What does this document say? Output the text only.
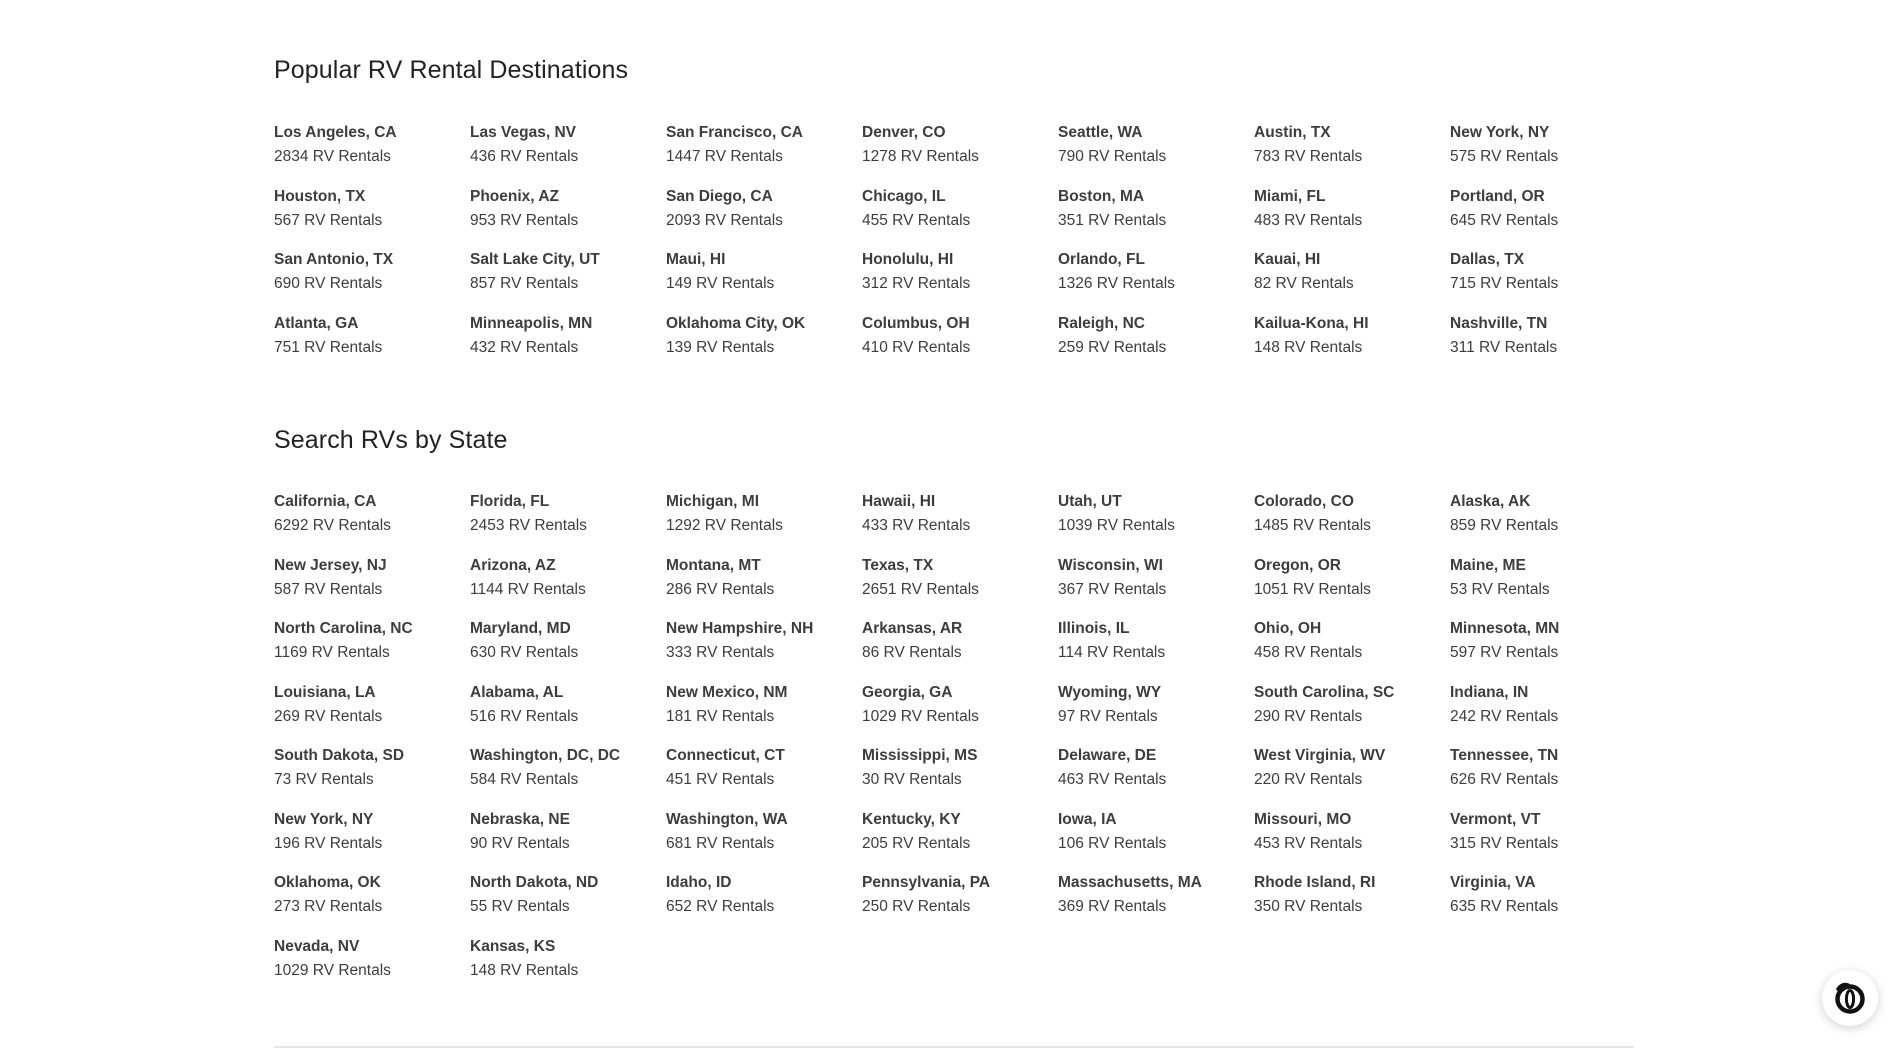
Popular RV Rental Destinations
Los Angeles, CA
2834 RV Rentals
Las Vegas, NV
436 RV Rentals
San Francisco, CA
1447 RV Rentals
Denver, CO
1278 RV Rentals
Seattle, WA
790 RV Rentals
Austin, TX
783 RV Rentals
New York, NY
575 RV Rentals
Houston, TX
567 RV Rentals
Phoenix, AZ
953 RV Rentals
San Diego, CA
2093 RV Rentals
Chicago, IL
455 RV Rentals
Boston, MA
351 RV Rentals
Miami, FL
483 RV Rentals
Portland, OR
645 RV Rentals
San Antonio, TX
690 RV Rentals
Salt Lake City, UT
857 RV Rentals
Maui, HI
149 RV Rentals
Honolulu, HI
312 RV Rentals
Orlando, FL
1326 RV Rentals
Kauai, HI
82 RV Rentals
Dallas, TX
715 RV Rentals
Atlanta, GA
751 RV Rentals
Minneapolis, MN
432 RV Rentals
Oklahoma City, OK
139 RV Rentals
Columbus, OH
410 RV Rentals
Raleigh, NC
259 RV Rentals
Kailua-Kona, HI
148 RV Rentals
Nashville, TN
311 RV Rentals
Search RVs by State
California, CA
6292 RV Rentals
Florida, FL
2453 RV Rentals
Michigan, MI
1292 RV Rentals
Hawaii, HI
433 RV Rentals
Utah, UT
1039 RV Rentals
Colorado, CO
1485 RV Rentals
Alaska, AK
859 RV Rentals
New Jersey, NJ
587 RV Rentals
Arizona, AZ
1144 RV Rentals
Montana, MT
286 RV Rentals
Texas, TX
2651 RV Rentals
Wisconsin, WI
367 RV Rentals
Oregon, OR
1051 RV Rentals
Maine, ME
53 RV Rentals
North Carolina, NC
1169 RV Rentals
Maryland, MD
630 RV Rentals
New Hampshire, NH
333 RV Rentals
Arkansas, AR
86 RV Rentals
Illinois, IL
114 RV Rentals
Ohio, OH
458 RV Rentals
Minnesota, MN
597 RV Rentals
Louisiana, LA
269 RV Rentals
Alabama, AL
516 RV Rentals
New Mexico, NM
181 RV Rentals
Georgia, GA
1029 RV Rentals
Wyoming, WY
97 RV Rentals
South Carolina, SC
290 RV Rentals
Indiana, IN
242 RV Rentals
South Dakota, SD
73 RV Rentals
Washington, DC, DC
584 RV Rentals
Connecticut, CT
451 RV Rentals
Mississippi, MS
30 RV Rentals
Delaware, DE
463 RV Rentals
West Virginia, WV
220 RV Rentals
Tennessee, TN
626 RV Rentals
New York, NY
196 RV Rentals
Nebraska, NE
90 RV Rentals
Washington, WA
681 RV Rentals
Kentucky, KY
205 RV Rentals
Iowa, IA
106 RV Rentals
Missouri, MO
453 RV Rentals
Vermont, VT
315 RV Rentals
Oklahoma, OK
273 RV Rentals
North Dakota, ND
55 RV Rentals
Idaho, ID
652 RV Rentals
Pennsylvania, PA
250 RV Rentals
Massachusetts, MA
369 RV Rentals
Rhode Island, RI
350 RV Rentals
Virginia, VA
635 RV Rentals
Nevada, NV
1029 RV Rentals
Kansas, KS
148 RV Rentals
